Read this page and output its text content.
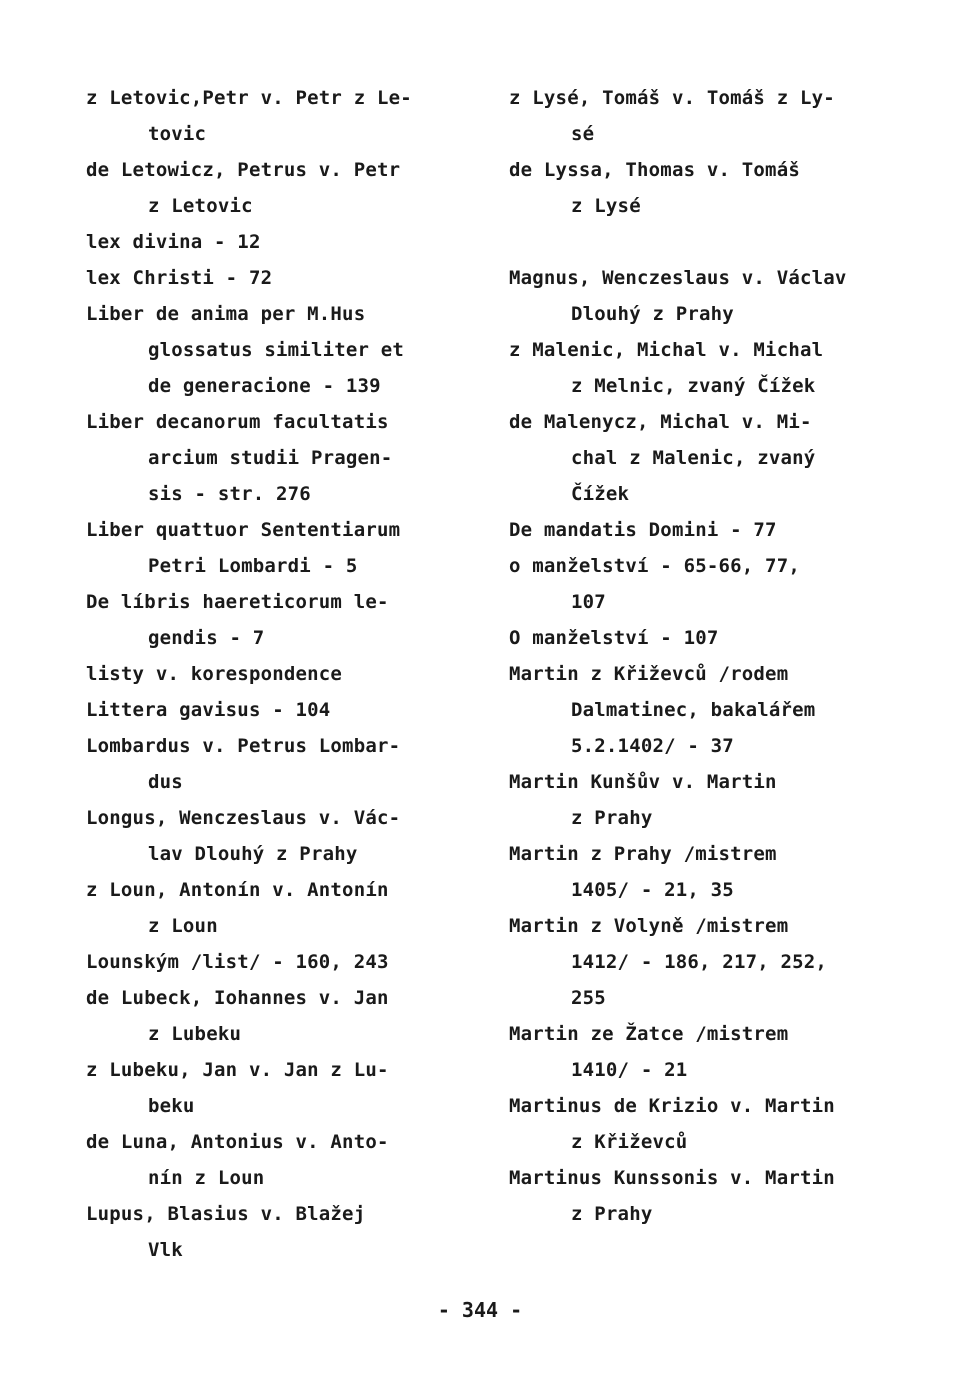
z Letovic,Petr v. Petr z Le-
tovic
de Letowicz, Petrus v. Petr
z Letovic
lex divina - 12
lex Christi - 72
Liber de anima per M.Hus
glossatus similiter et
de generacione - 139
Liber decanorum facultatis
arcium studii Pragen-
sis - str. 276
Liber quattuor Sententiarum
Petri Lombardi - 5
De líbris haereticorum le-
gendis - 7
listy v. korespondence
Littera gavisus - 104
Lombardus v. Petrus Lombar-
dus
Longus, Wenczeslaus v. Vác-
lav Dlouhý z Prahy
z Loun, Antonín v. Antonín
z Loun
Lounským /list/ - 160, 243
de Lubeck, Iohannes v. Jan
z Lubeku
z Lubeku, Jan v. Jan z Lu-
beku
de Luna, Antonius v. Anto-
nín z Loun
Lupus, Blasius v. Blažej
Vlk
z Lysé, Tomáš v. Tomáš z Ly-
sé
de Lyssa, Thomas v. Tomáš
z Lysé
Magnus, Wenczeslaus v. Václav
Dlouhý z Prahy
z Malenic, Michal v. Michal
z Melnic, zvaný Čížek
de Malenycz, Michal v. Mi-
chal z Malenic, zvaný
Čížek
De mandatis Domini - 77
o manželství - 65-66, 77,
107
O manželství - 107
Martin z Křiževců /rodem
Dalmatinec, bakalářem
5.2.1402/ - 37
Martin Kunšův v. Martin
z Prahy
Martin z Prahy /mistrem
1405/ - 21, 35
Martin z Volyně /mistrem
1412/ - 186, 217, 252,
255
Martin ze Žatce /mistrem
1410/ - 21
Martinus de Krizio v. Martin
z Křiževců
Martinus Kunssonis v. Martin
z Prahy
- 344 -
